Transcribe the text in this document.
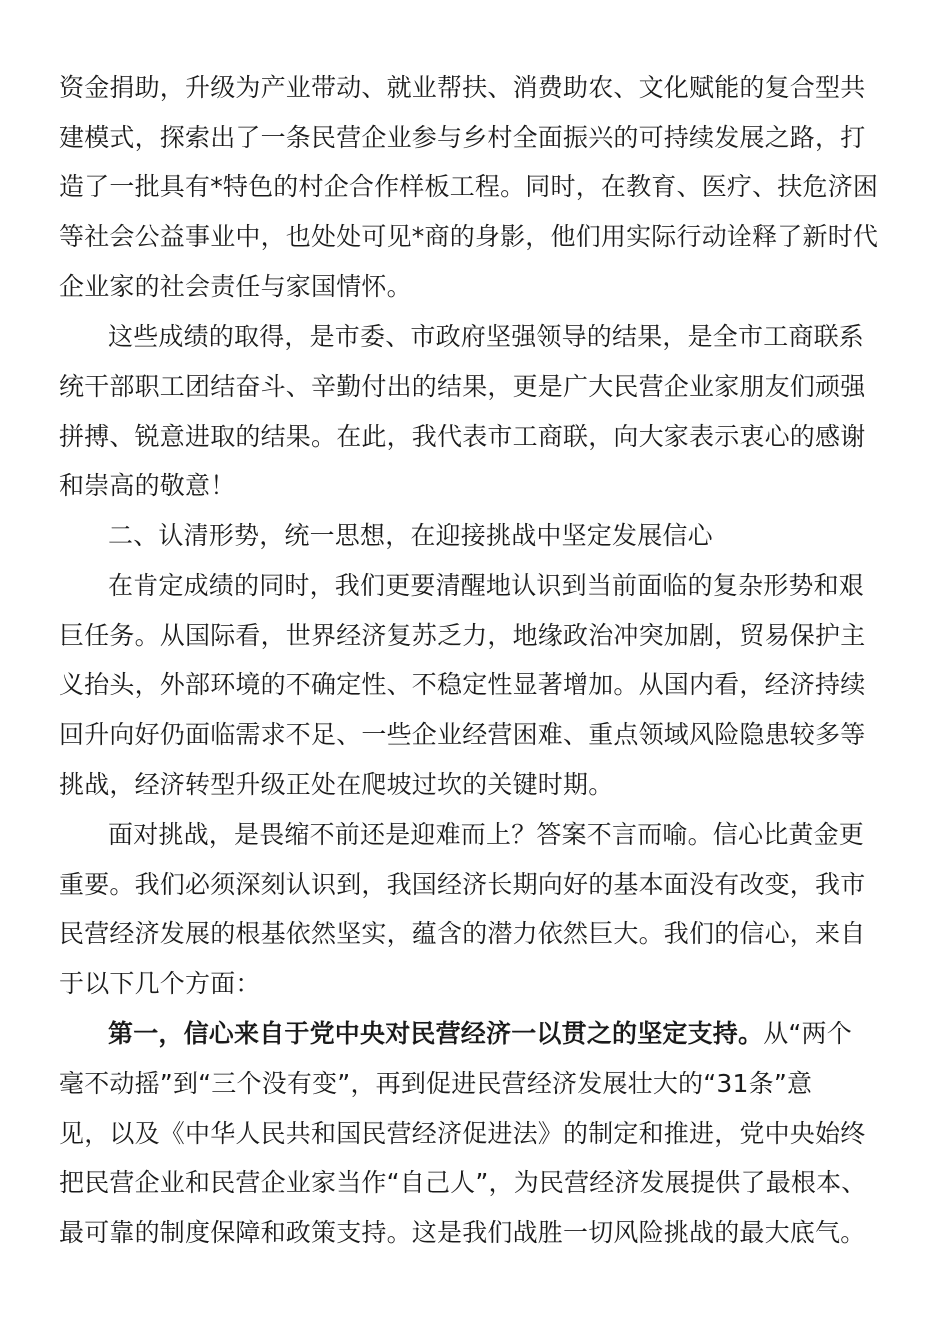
资金捐助，升级为产业带动、就业帮扶、消费助农、文化赋能的复合型共
建模式，探索出了一条民营企业参与乡村全面振兴的可持续发展之路，打
造了一批具有*特色的村企合作样板工程。同时，在教育、医疗、扶危济困
等社会公益事业中，也处处可见*商的身影，他们用实际行动诠释了新时代
企业家的社会责任与家国情怀。
这些成绩的取得，是市委、市政府坚强领导的结果，是全市工商联系
统干部职工团结奋斗、辛勤付出的结果，更是广大民营企业家朋友们顽强
拼搏、锐意进取的结果。在此，我代表市工商联，向大家表示衷心的感谢
和崇高的敬意！
二、认清形势，统一思想，在迎接挑战中坚定发展信心
在肯定成绩的同时，我们更要清醒地认识到当前面临的复杂形势和艰
巨任务。从国际看，世界经济复苏乏力，地缘政治冲突加剧，贸易保护主
义抬头，外部环境的不确定性、不稳定性显著增加。从国内看，经济持续
回升向好仍面临需求不足、一些企业经营困难、重点领域风险隐患较多等
挑战，经济转型升级正处在爬坡过坎的关键时期。
面对挑战，是畏缩不前还是迎难而上？答案不言而喻。信心比黄金更
重要。我们必须深刻认识到，我国经济长期向好的基本面没有改变，我市
民营经济发展的根基依然坚实，蕴含的潜力依然巨大。我们的信心，来自
于以下几个方面：
第一，信心来自于党中央对民营经济一以贯之的坚定支持。从“两个
毫不动摇”到“三个没有变”，再到促进民营经济发展壮大的“31条”意
见，以及《中华人民共和国民营经济促进法》的制定和推进，党中央始终
把民营企业和民营企业家当作“自己人”，为民营经济发展提供了最根本、
最可靠的制度保障和政策支持。这是我们战胜一切风险挑战的最大底气。
